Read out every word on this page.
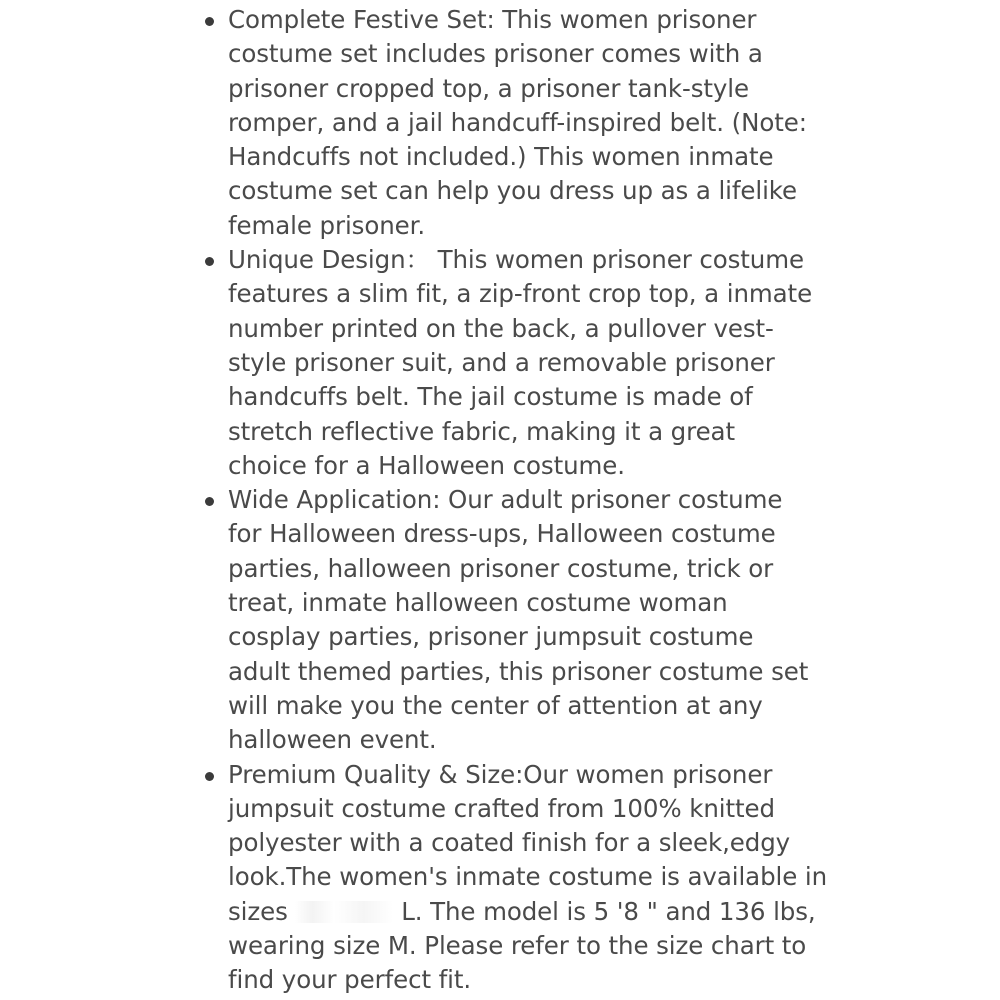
Complete Festive Set: This women prisoner
costume set includes prisoner comes with a
prisoner cropped top, a prisoner tank-style
romper, and a jail handcuff-inspired belt. (Note:
Handcuffs not included.) This women inmate
costume set can help you dress up as a lifelike
female prisoner.
Unique Design： This women prisoner costume
features a slim fit, a zip-front crop top, a inmate
number printed on the back, a pullover vest-
style prisoner suit, and a removable prisoner
handcuffs belt. The jail costume is made of
stretch reflective fabric, making it a great
choice for a Halloween costume.
Wide Application: Our adult prisoner costume
for Halloween dress-ups, Halloween costume
parties, halloween prisoner costume, trick or
treat, inmate halloween costume woman
cosplay parties, prisoner jumpsuit costume
adult themed parties, this prisoner costume set
will make you the center of attention at any
halloween event.
Premium Quality & Size:Our women prisoner
jumpsuit costume crafted from 100% knitted
polyester with a coated finish for a sleek,edgy
look.The women's inmate costume is available in
sizes	L. The model is 5 '8 " and 136 lbs,
wearing size M. Please refer to the size chart to
find your perfect fit.
